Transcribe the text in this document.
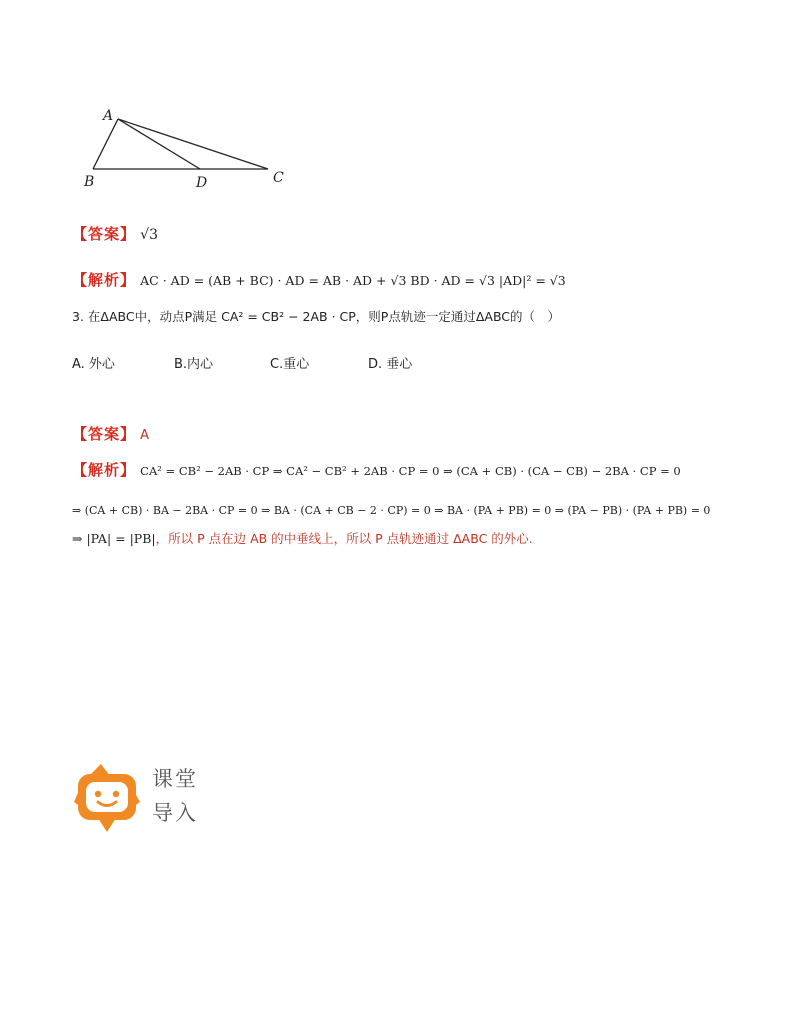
A
B	C
D
【答案】 √3
【解析】 AC · AD = (AB + BC) · AD = AB · AD + √3 BD · AD = √3 |AD|² = √3
3. 在ΔABC中，动点P满足 CA² = CB² − 2AB · CP，则P点轨迹一定通过ΔABC的（　）
A. 外心	B.内心	C.重心	D. 垂心
【答案】 A
【解析】 CA² = CB² − 2AB · CP ⇒ CA² − CB² + 2AB · CP = 0 ⇒ (CA + CB) · (CA − CB) − 2BA · CP = 0
⇒ (CA + CB) · BA − 2BA · CP = 0 ⇒ BA · (CA + CB − 2 · CP) = 0 ⇒ BA · (PA + PB) = 0 ⇒ (PA − PB) · (PA + PB) = 0
⇒ |PA| = |PB|，所以 P 点在边 AB 的中垂线上，所以 P 点轨迹通过 ΔABC 的外心.
课堂
导入
